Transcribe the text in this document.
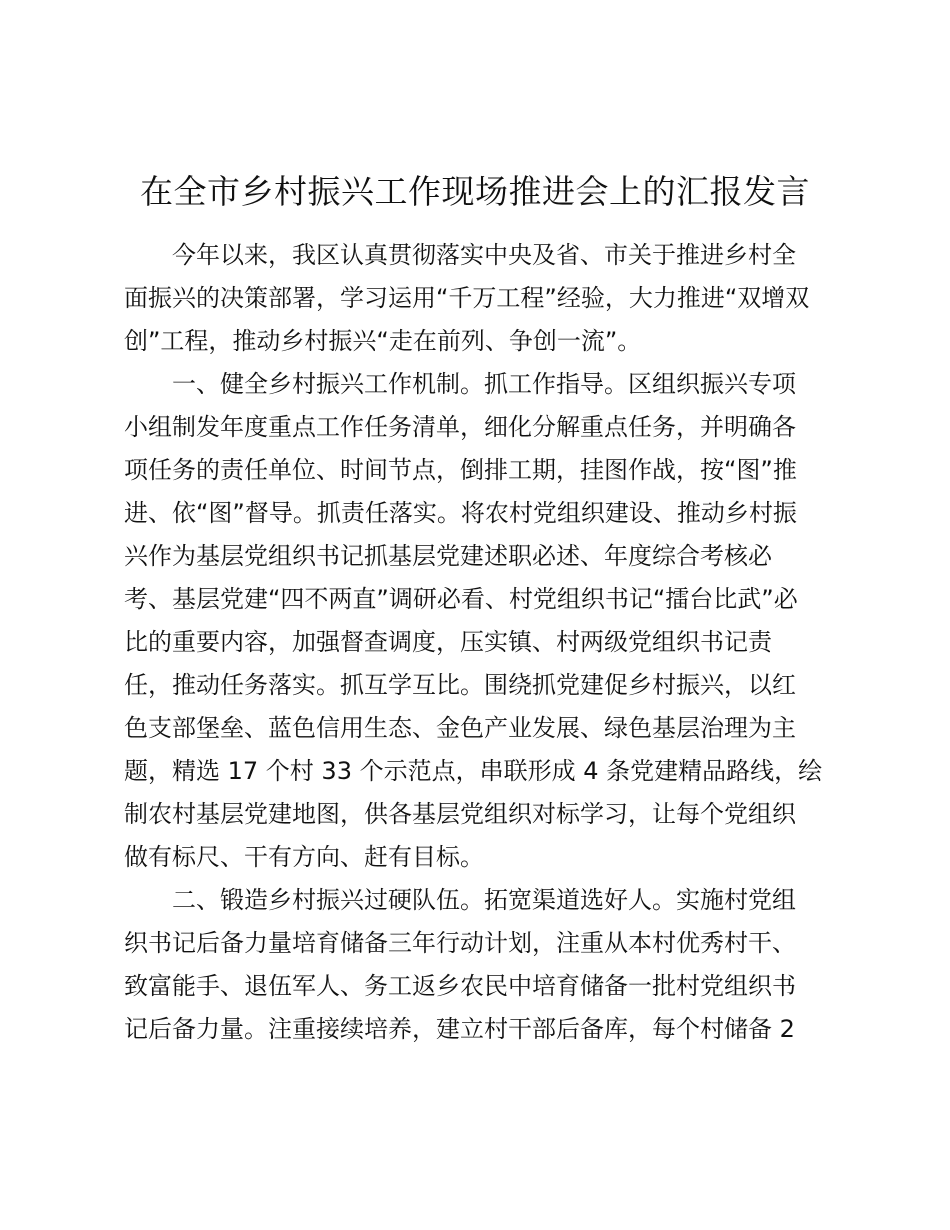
在全市乡村振兴工作现场推进会上的汇报发言

今年以来，我区认真贯彻落实中央及省、市关于推进乡村全

面振兴的决策部署，学习运用“千万工程”经验，大力推进“双增双

创”工程，推动乡村振兴“走在前列、争创一流”。

一、健全乡村振兴工作机制。抓工作指导。区组织振兴专项

小组制发年度重点工作任务清单，细化分解重点任务，并明确各

项任务的责任单位、时间节点，倒排工期，挂图作战，按“图”推

进、依“图”督导。抓责任落实。将农村党组织建设、推动乡村振

兴作为基层党组织书记抓基层党建述职必述、年度综合考核必

考、基层党建“四不两直”调研必看、村党组织书记“擂台比武”必

比的重要内容，加强督查调度，压实镇、村两级党组织书记责

任，推动任务落实。抓互学互比。围绕抓党建促乡村振兴，以红

色支部堡垒、蓝色信用生态、金色产业发展、绿色基层治理为主

题，精选 17 个村 33 个示范点，串联形成 4 条党建精品路线，绘

制农村基层党建地图，供各基层党组织对标学习，让每个党组织

做有标尺、干有方向、赶有目标。

二、锻造乡村振兴过硬队伍。拓宽渠道选好人。实施村党组

织书记后备力量培育储备三年行动计划，注重从本村优秀村干、

致富能手、退伍军人、务工返乡农民中培育储备一批村党组织书

记后备力量。注重接续培养，建立村干部后备库，每个村储备 2
